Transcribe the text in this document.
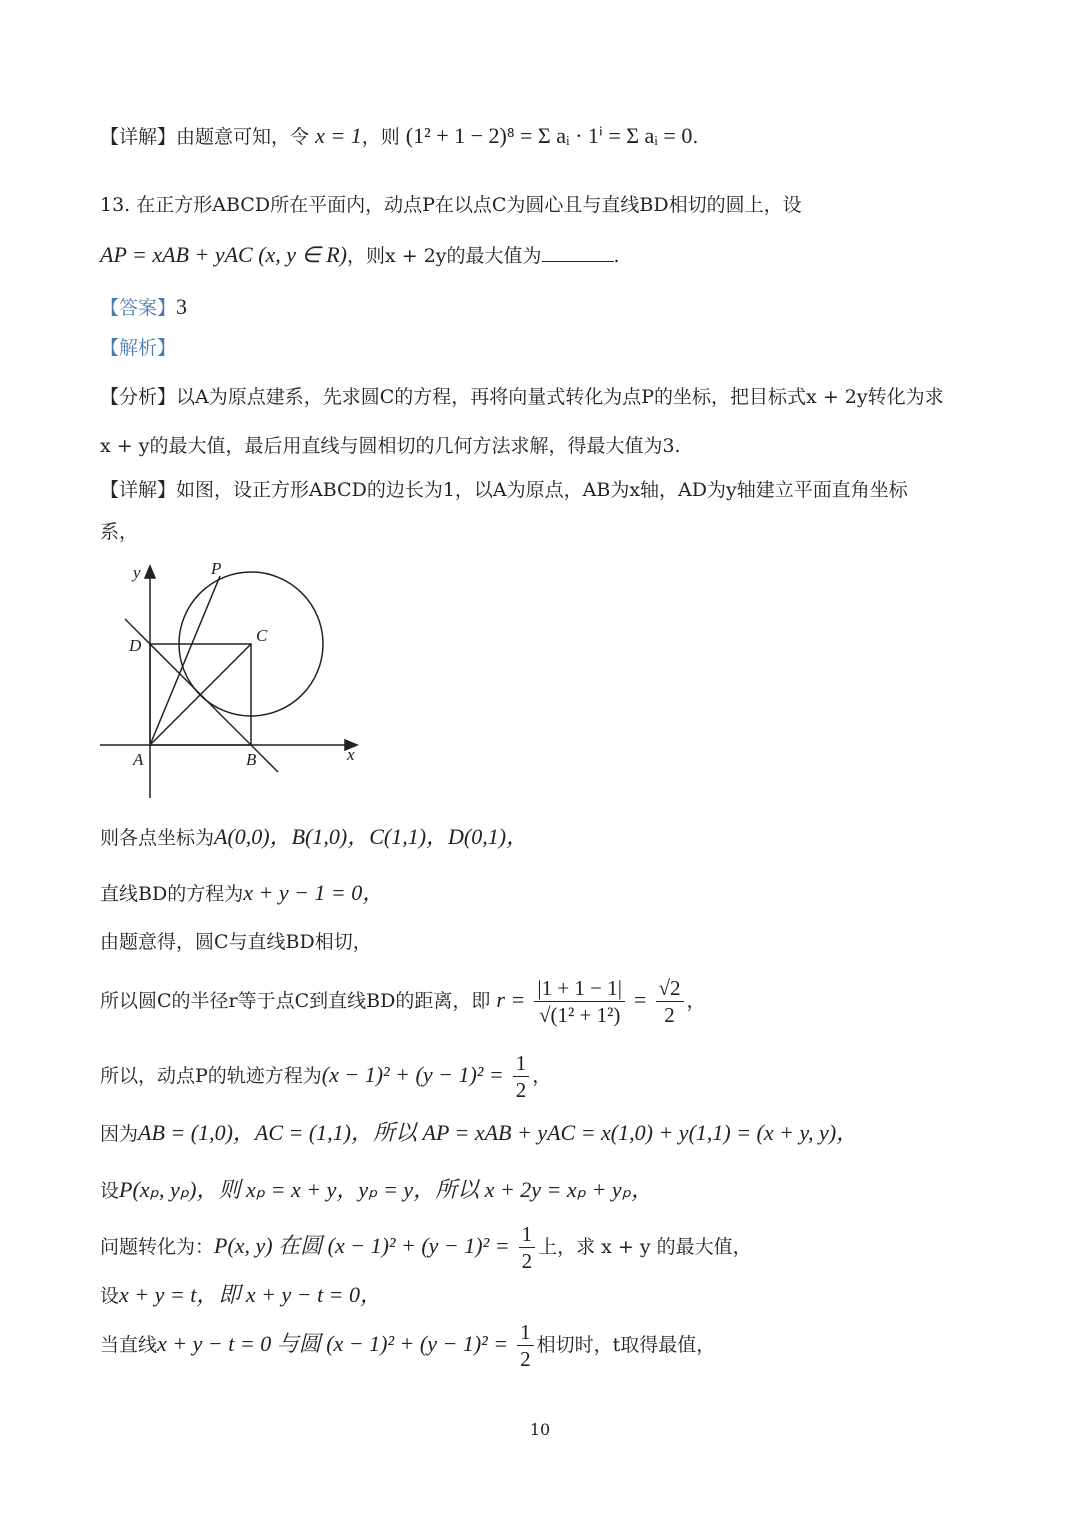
【详解】由题意可知，令 x = 1，则 (1² + 1 − 2)⁸ = Σ aᵢ · 1ⁱ = Σ aᵢ = 0.
13. 在正方形ABCD所在平面内，动点P在以点C为圆心且与直线BD相切的圆上，设
AP = xAB + yAC (x, y ∈ R)，则x + 2y的最大值为	.
【答案】3
【解析】
【分析】以A为原点建系，先求圆C的方程，再将向量式转化为点P的坐标，把目标式x + 2y转化为求
x + y的最大值，最后用直线与圆相切的几何方法求解，得最大值为3.
【详解】如图，设正方形ABCD的边长为1，以A为原点，AB为x轴，AD为y轴建立平面直角坐标
系，
y
x
P
C
D
A	B
则各点坐标为A(0,0)，B(1,0)，C(1,1)，D(0,1)，
直线BD的方程为x + y − 1 = 0，
由题意得，圆C与直线BD相切，
所以圆C的半径r等于点C到直线BD的距离，即 $r = \frac{|1 + 1 - 1|}{\text{√(1² + 1²)}} = \frac{√2}{2}$ ，
所以，动点P的轨迹方程为$(x - 1)^2 + (y - 1)^2 = \frac{1}{2}$ ，
因为AB = (1,0)，AC = (1,1)，所以 AP = xAB + yAC = x(1,0) + y(1,1) = (x + y, y)，
设P(xₚ, yₚ)，则 xₚ = x + y，yₚ = y，所以 x + 2y = xₚ + yₚ，
问题转化为：P(x, y) 在圆 $(x - 1)^2 + (y - 1)^2 = \frac{1}{2}$ 上，求 x + y 的最大值，
设x + y = t，即 x + y − t = 0，
当直线x + y − t = 0 与圆 $(x - 1)^2 + (y - 1)^2 = \frac{1}{2}$ 相切时，t取得最值，
10
